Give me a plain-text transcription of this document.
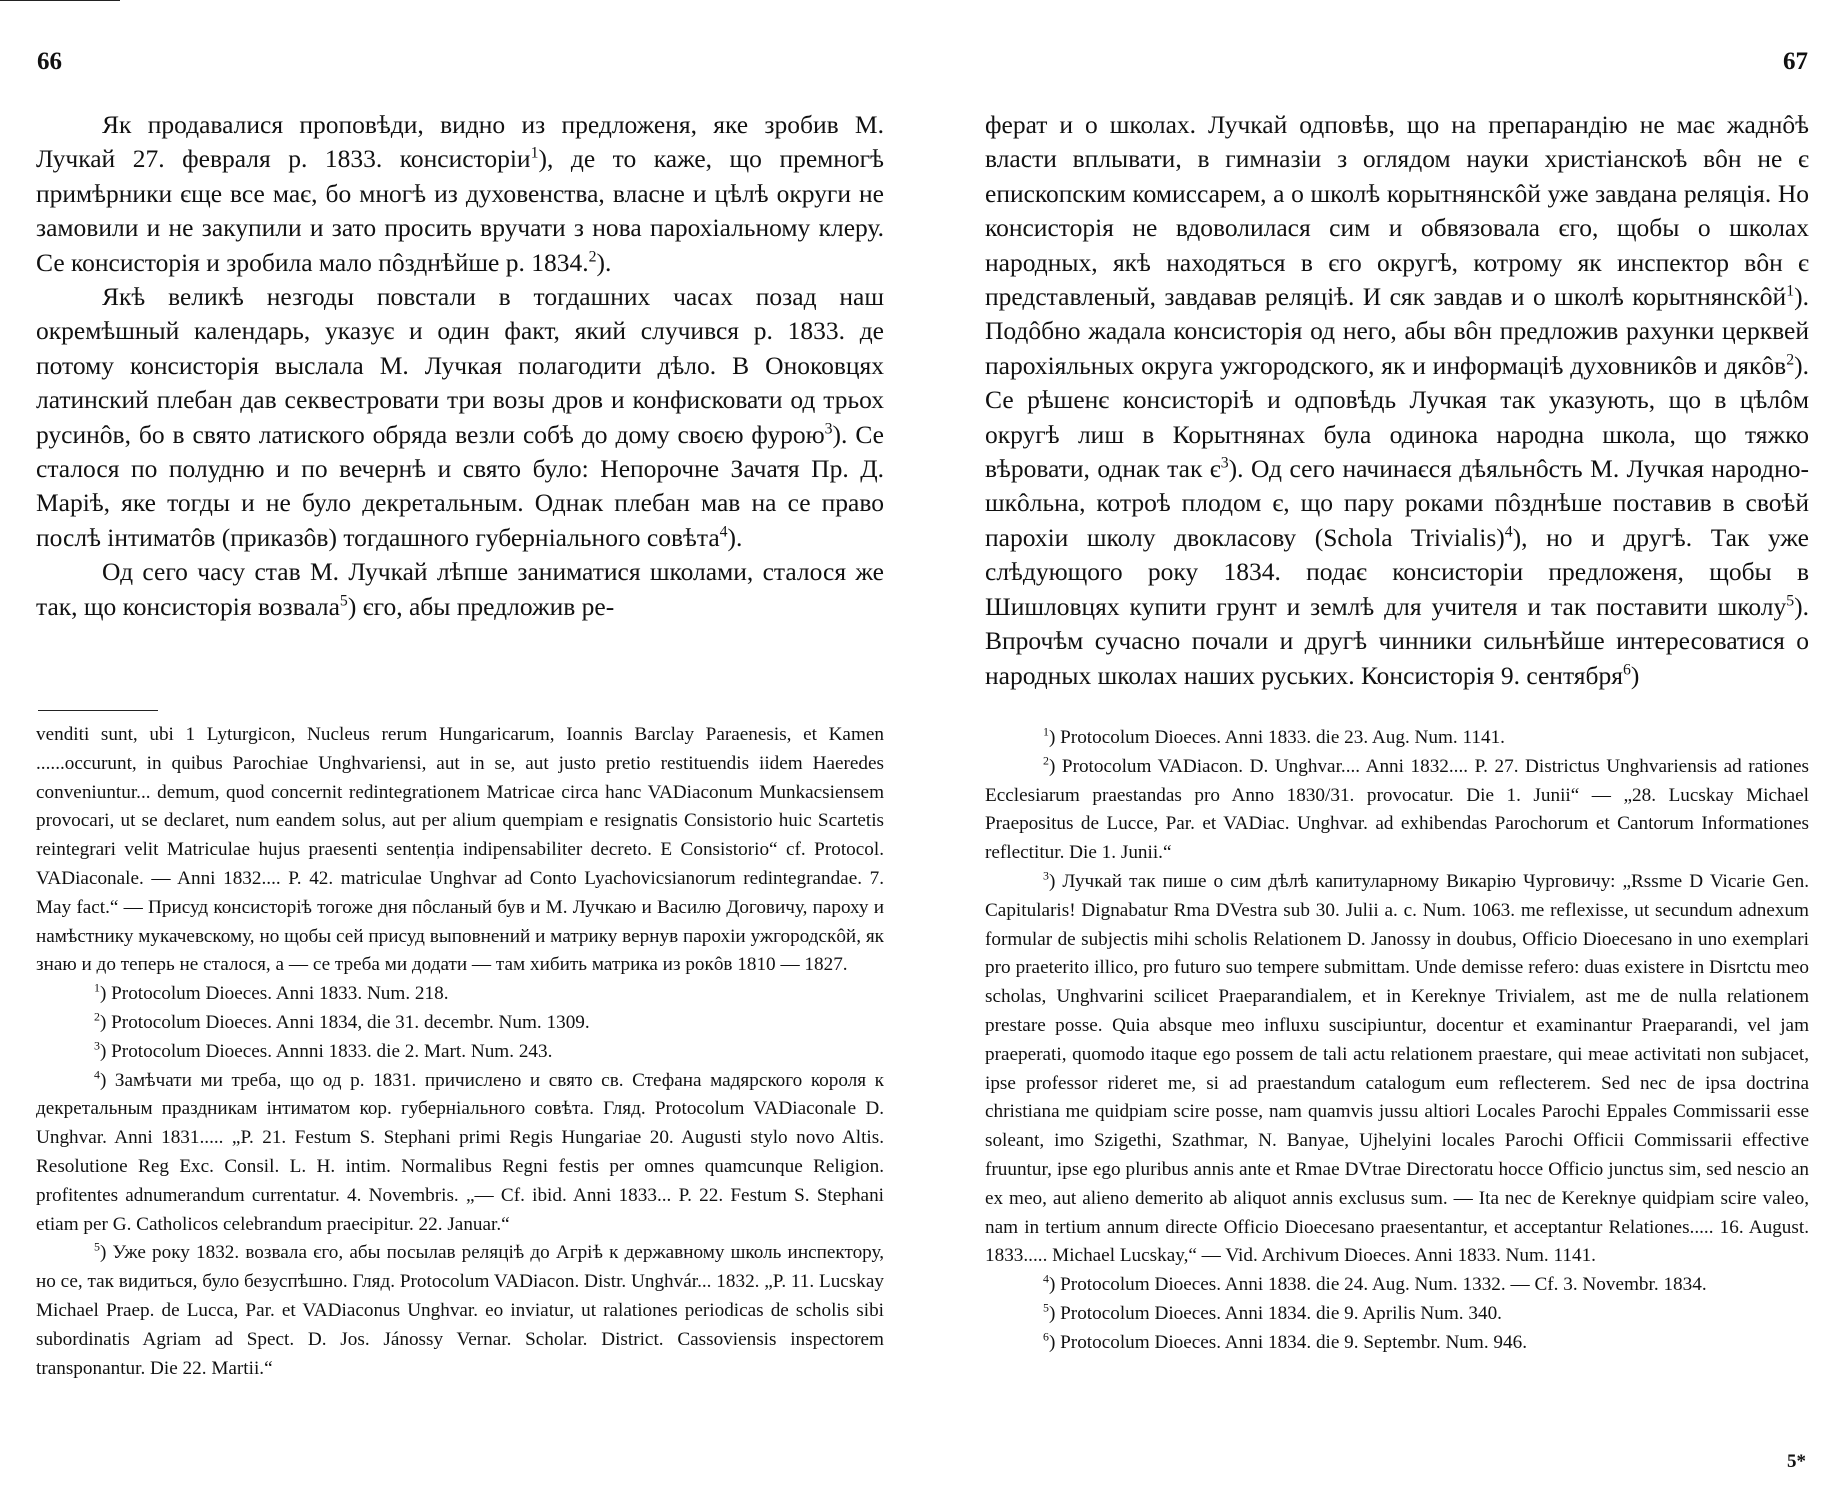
66

Як продавалися проповѣди, видно из предложеня, яке зробив М. Лучкай 27. февраля р. 1833. консисторіи$^1$), де то каже, що премногѣ примѣрники єще все має, бо многѣ из духовенства, власне и цѣлѣ округи не замовили и не закупили и зато просить вручати з нова парохіальному клеру. Се консисторія и зробила мало пôзднѣйше р. 1834.$^2$).

Якѣ великѣ незгоды повстали в тогдашних часах позад наш окремѣшный календарь, указує и один факт, який случився р. 1833. де потому консисторія выслала М. Лучкая полагодити дѣло. В Оноковцях латинский плебан дав секвестровати три возы дров и конфисковати од трьох русинôв, бо в свято латиского обряда везли собѣ до дому своєю фурою$^3$). Се сталося по полудню и по вечернѣ и свято було: Непорочне Зачатя Пр. Д. Маріѣ, яке тогды и не було декретальным. Однак плебан мав на се право послѣ інтиматôв (приказôв) тогдашного губерніального совѣта$^4$).

Од сего часу став М. Лучкай лѣпше заниматися школами, сталося же так, що консисторія возвала$^5$) єго, абы предложив ре-

venditi sunt, ubi 1 Lyturgicon, Nucleus rerum Hungaricarum, Ioannis Barclay Paraenesis, et Kamen ......occurunt, in quibus Parochiae Unghvariensi, aut in se, aut justo pretio restituendis iidem Haeredes conveniuntur... demum, quod concernit redintegrationem Matricae circa hanc VADiaconum Munkacsiensem provocari, ut se declaret, num eandem solus, aut per alium quempiam e resignatis Consistorio huic Scartetis reintegrari velit Matriculae hujus praesenti sentenția indipensabiliter decreto. E Consistorio“ cf. Protocol. VADiaconale. — Anni 1832.... P. 42. matriculae Unghvar ad Conto Lyachovicsianorum redintegrandae. 7. May fact.“ — Присуд консисторіѣ тогоже дня пôсланый був и М. Лучкаю и Василю Договичу, пароху и намѣстнику мукачевскому, но щобы сей присуд выповнений и матрику вернув парохіи ужгородскôй, як знаю и до теперь не сталося, а — се треба ми додати — там хибить матрика из рокôв 1810 — 1827.

$^1$) Protocolum Dioeces. Anni 1833. Num. 218.

$^2$) Protocolum Dioeces. Anni 1834, die 31. decembr. Num. 1309.

$^3$) Protocolum Dioeces. Annni 1833. die 2. Mart. Num. 243.

$^4$) Замѣчати ми треба, що од р. 1831. причислено и свято св. Стефана мадярского короля к декретальным праздникам інтиматом кор. губерніального совѣта. Гляд. Protocolum VADiaconale D. Unghvar. Anni 1831..... „P. 21. Festum S. Stephani primi Regis Hungariae 20. Augusti stylo novo Altis. Resolutione Reg Exc. Consil. L. H. intim. Normalibus Regni festis per omnes quamcunque Religion. profitentes adnumerandum currentatur. 4. Novembris. „— Cf. ibid. Anni 1833... P. 22. Festum S. Stephani etiam per G. Catholicos celebrandum praecipitur. 22. Januar.“

$^5$) Уже року 1832. возвала єго, абы посылав реляцiѣ до Агріѣ к державному школь инспектору, но се, так видиться, було безуспѣшно. Гляд. Protocolum VADiacon. Distr. Unghvár... 1832. „P. 11. Lucskay Michael Praep. de Lucca, Par. et VADiaconus Unghvar. eo inviatur, ut ralationes periodicas de scholis sibi subordinatis Agriam ad Spect. D. Jos. Jánossy Vernar. Scholar. District. Cassoviensis inspectorem transponantur. Die 22. Martii.“

67

ферат и о школах. Лучкай одповѣв, що на препарандію не має жаднôѣ власти вплывати, в гимназіи з оглядом науки христіанскоѣ вôн не є епископским комиссарем, а о школѣ корытнянскôй уже завдана реляція. Но консисторія не вдоволилася сим и обвязовала єго, щобы о школах народных, якѣ находяться в єго округѣ, котрому як инспектор вôн є представленый, завдавав реляціѣ. И сяк завдав и о школѣ корытнянскôй$^1$). Подôбно жадала консисторія од него, абы вôн предложив рахунки церквей парохіяльных округа ужгородского, як и информаціѣ духовникôв и дякôв$^2$). Се рѣшенє консисторіѣ и одповѣдь Лучкая так указують, що в цѣлôм округѣ лиш в Корытнянах була одинока народна школа, що тяжко вѣровати, однак так $є^3$). Од сего начинаєся дѣяльнôсть М. Лучкая народно-шкôльна, котроѣ плодом є, що пару роками пôзднѣше поставив в своѣй парохіи школу двокласову (Schola Trivialis)$^4$), но и другѣ. Так уже слѣдующого року 1834. подає консисторіи предложеня, щобы в Шишловцях купити грунт и землѣ для учителя и так поставити школу$^5$). Впрочѣм сучасно почали и другѣ чинники сильнѣйше интересоватися о народных школах наших руських. Консисторія 9. сентября$^6$)

$^1$) Protocolum Dioeces. Anni 1833. die 23. Aug. Num. 1141.

$^2$) Protocolum VADiacon. D. Unghvar.... Anni 1832.... P. 27. Districtus Unghvariensis ad rationes Ecclesiarum praestandas pro Anno 1830/31. provocatur. Die 1. Junii“ — „28. Lucskay Michael Praepositus de Lucce, Par. et VADiac. Unghvar. ad exhibendas Parochorum et Cantorum Informationes reflectitur. Die 1. Junii.“

$^3$) Лучкай так пише о сим дѣлѣ капитуларному Викарію Чурговичу: „Rssme D Vicarie Gen. Capitularis! Dignabatur Rma DVestra sub 30. Julii a. c. Num. 1063. me reflexisse, ut secundum adnexum formular de subjectis mihi scholis Relationem D. Janossy in doubus, Officio Dioecesano in uno exemplari pro praeterito illico, pro futuro suo tempere submittam. Unde demisse refero: duas existere in Disrtctu meo scholas, Unghvarini scilicet Praeparandialem, et in Kereknye Trivialem, ast me de nulla relationem prestare posse. Quia absque meo influxu suscipiuntur, docentur et examinantur Praeparandi, vel jam praeperati, quomodo itaque ego possem de tali actu relationem praestare, qui meae activitati non subjacet, ipse professor rideret me, si ad praestandum catalogum eum reflecterem. Sed nec de ipsa doctrina christiana me quidpiam scire posse, nam quamvis jussu altiori Locales Parochi Eppales Commissarii esse soleant, imo Szigethi, Szathmar, N. Banyae, Ujhelyini locales Parochi Officii Commissarii effective fruuntur, ipse ego pluribus annis ante et Rmae DVtrae Directoratu hocce Officio junctus sim, sed nescio an ex meo, aut alieno demerito ab aliquot annis exclusus sum. — Ita nec de Kereknye quidpiam scire valeo, nam in tertium annum directe Officio Dioecesano praesentantur, et acceptantur Relationes..... 16. August. 1833..... Michael Lucskay,“ — Vid. Archivum Dioeces. Anni 1833. Num. 1141.

$^4$) Protocolum Dioeces. Anni 1838. die 24. Aug. Num. 1332. — Cf. 3. Novembr. 1834.

$^5$) Protocolum Dioeces. Anni 1834. die 9. Aprilis Num. 340.

$^6$) Protocolum Dioeces. Anni 1834. die 9. Septembr. Num. 946.

5*
